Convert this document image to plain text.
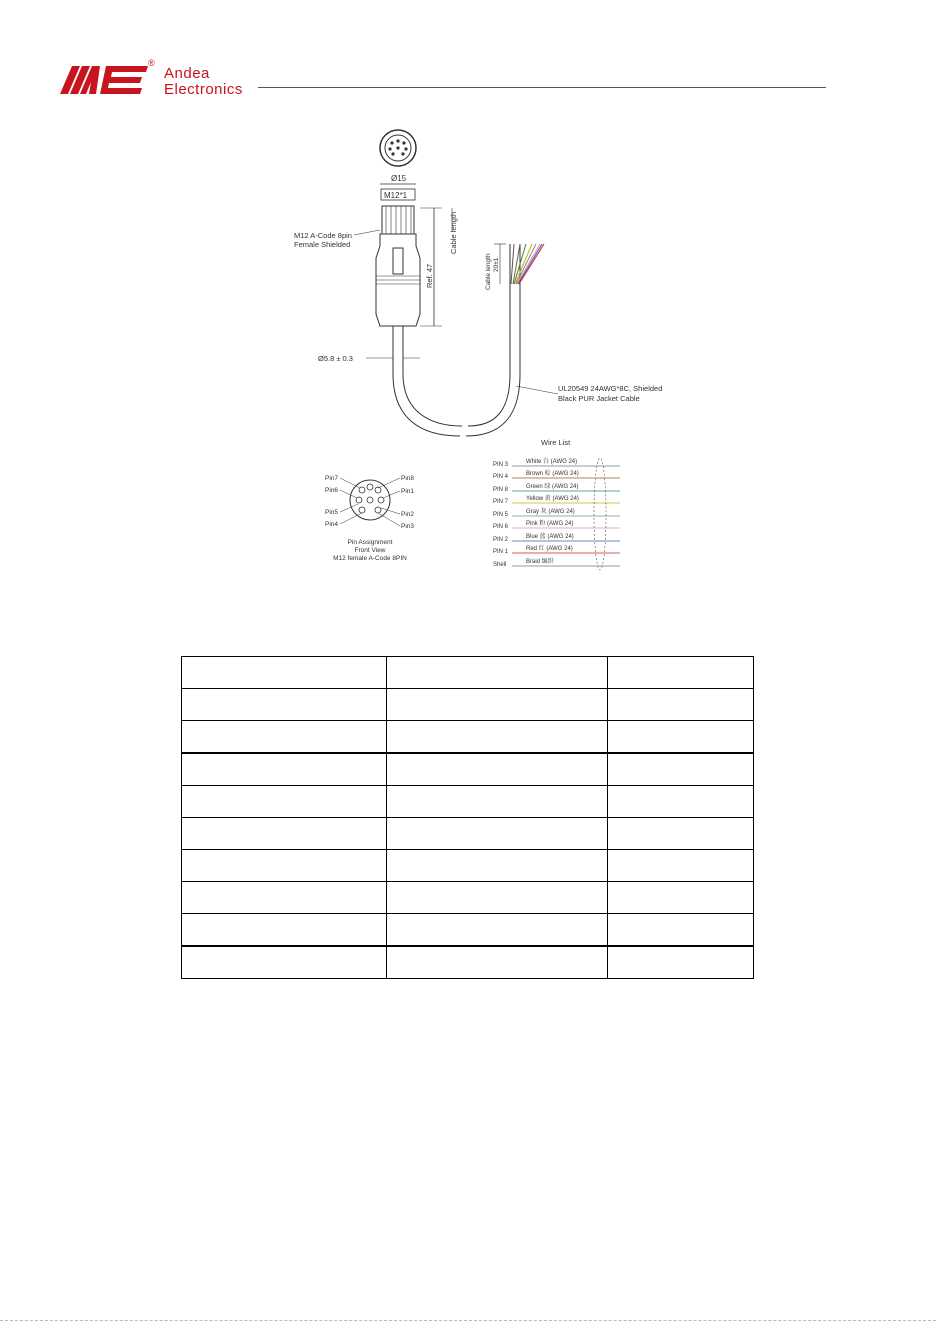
®
Andea
Electronics
Ø15
M12*1
M12 A-Code 8pin
Female Shielded
Ref. 47
Cable length
Ø5.8 ± 0.3
20±1
Cable length
UL20549 24AWG*8C, Shielded
Black PUR Jacket Cable
Pin7
Pin6
Pin5
Pin4
Pin8
Pin1
Pin2
Pin3
Pin Assignment
Front View
M12 female A-Code 8PIN
Wire List
PIN 3	White 白 (AWG 24)
PIN 4	Brown 棕 (AWG 24)
PIN 8	Green 绿 (AWG 24)
PIN 7	Yellow 黄 (AWG 24)
PIN 5	Gray 灰 (AWG 24)
PIN 6	Pink 粉 (AWG 24)
PIN 2	Blue 蓝 (AWG 24)
PIN 1	Red 红 (AWG 24)
Shell	Braid 编织
